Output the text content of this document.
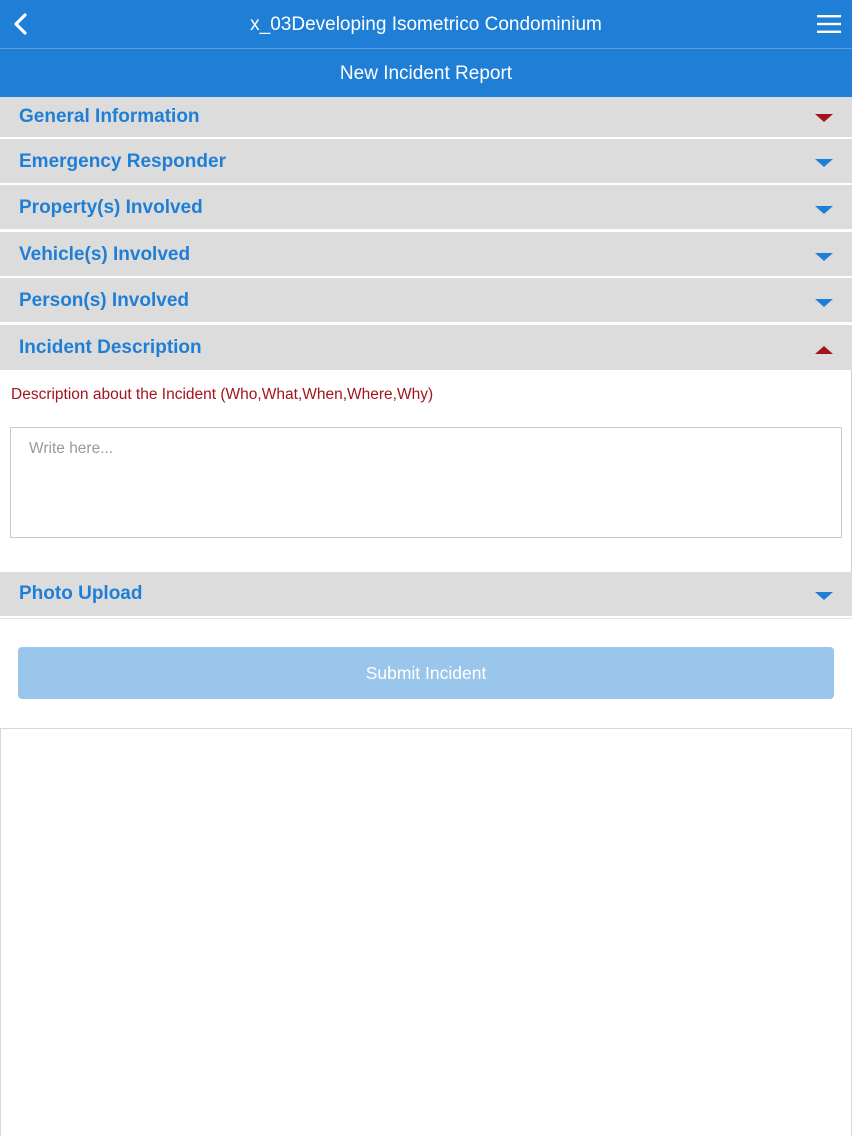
x_03Developing Isometrico Condominium
New Incident Report
General Information
Emergency Responder
Property(s) Involved
Vehicle(s) Involved
Person(s) Involved
Incident Description
Description about the Incident (Who,What,When,Where,Why)
Write here...
Photo Upload
Submit Incident
